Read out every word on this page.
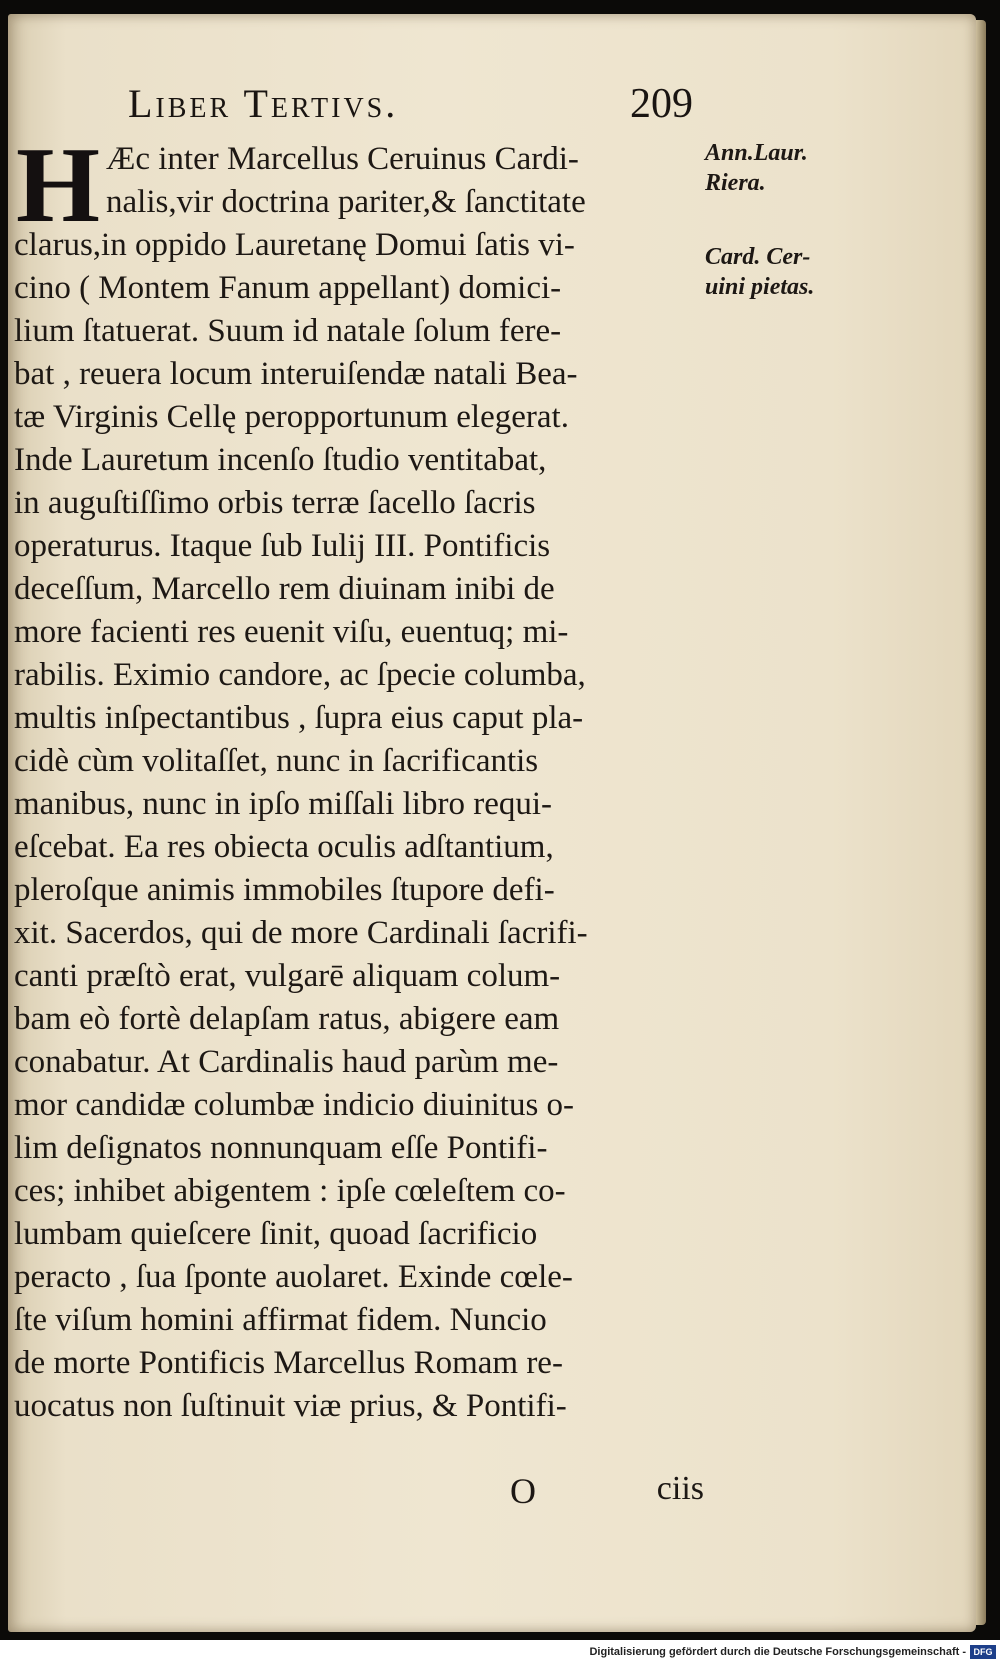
Liber Tertivs.	209
H Æc inter Marcellus Ceruinus Cardi-
nalis,vir doctrina pariter,& ſanctitate
clarus,in oppido Lauretanę Domui ſatis vi-
cino ( Montem Fanum appellant) domici-
lium ſtatuerat. Suum id natale ſolum fere-
bat , reuera locum interuiſendæ natali Bea-
tæ Virginis Cellę peropportunum elegerat.
Inde Lauretum incenſo ſtudio ventitabat,
in auguſtiſſimo orbis terræ ſacello ſacris
operaturus. Itaque ſub Iulij III. Pontificis
deceſſum, Marcello rem diuinam inibi de
more facienti res euenit viſu, euentuq; mi-
rabilis. Eximio candore, ac ſpecie columba,
multis inſpectantibus , ſupra eius caput pla-
cidè cùm volitaſſet, nunc in ſacrificantis
manibus, nunc in ipſo miſſali libro requi-
eſcebat. Ea res obiecta oculis adſtantium,
pleroſque animis immobiles ſtupore defi-
xit. Sacerdos, qui de more Cardinali ſacrifi-
canti præſtò erat, vulgarē aliquam colum-
bam eò fortè delapſam ratus, abigere eam
conabatur. At Cardinalis haud parùm me-
mor candidæ columbæ indicio diuinitus o-
lim deſignatos nonnunquam eſſe Pontifi-
ces; inhibet abigentem : ipſe cœleſtem co-
lumbam quieſcere ſinit, quoad ſacrificio
peracto , ſua ſponte auolaret. Exinde cœle-
ſte viſum homini affirmat fidem. Nuncio
de morte Pontificis Marcellus Romam re-
uocatus non ſuſtinuit viæ prius, & Pontifi-
O	ciis
Ann.Laur.
Riera.
Card. Cer-
uini pietas.
Digitalisierung gefördert durch die Deutsche Forschungsgemeinschaft - DFG
